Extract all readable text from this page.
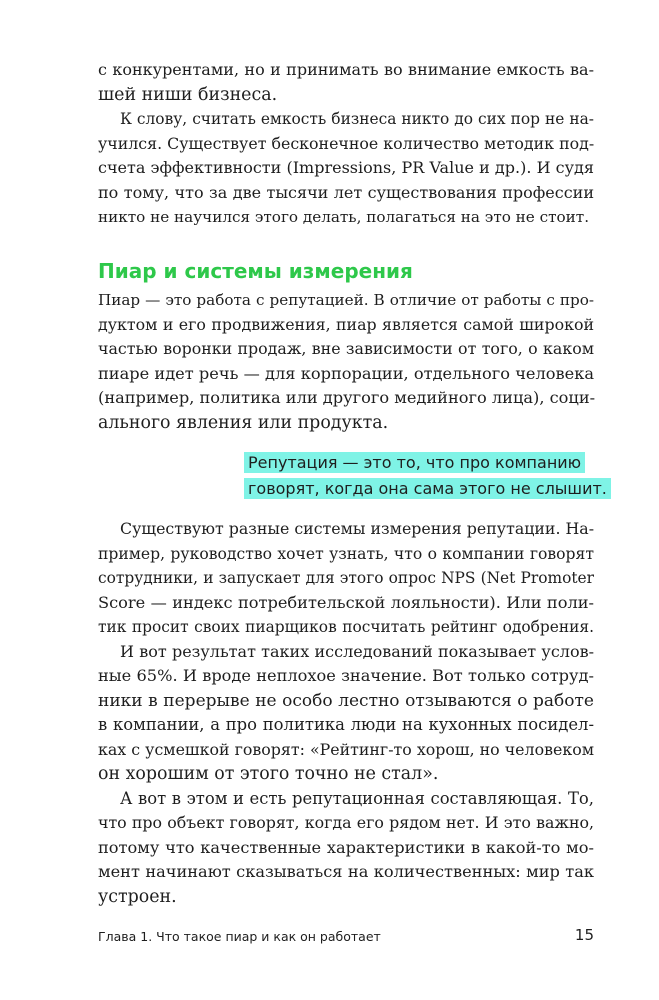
с конкурентами, но и принимать во внимание емкость ва-
шей ниши бизнеса.
К слову, считать емкость бизнеса никто до сих пор не на-
учился. Существует бесконечное количество методик под-
счета эффективности (Impressions, PR Value и др.). И судя
по тому, что за две тысячи лет существования профессии
никто не научился этого делать, полагаться на это не стоит.
Пиар и системы измерения
Пиар — это работа с репутацией. В отличие от работы с про-
дуктом и его продвижения, пиар является самой широкой
частью воронки продаж, вне зависимости от того, о каком
пиаре идет речь — для корпорации, отдельного человека
(например, политика или другого медийного лица), соци-
ального явления или продукта.
Репутация — это то, что про компанию
говорят, когда она сама этого не слышит.
Существуют разные системы измерения репутации. На-
пример, руководство хочет узнать, что о компании говорят
сотрудники, и запускает для этого опрос NPS (Net Promoter
Score — индекс потребительской лояльности). Или поли-
тик просит своих пиарщиков посчитать рейтинг одобрения.
И вот результат таких исследований показывает услов-
ные 65%. И вроде неплохое значение. Вот только сотруд-
ники в перерыве не особо лестно отзываются о работе
в компании, а про политика люди на кухонных посидел-
ках с усмешкой говорят: «Рейтинг-то хорош, но человеком
он хорошим от этого точно не стал».
А вот в этом и есть репутационная составляющая. То,
что про объект говорят, когда его рядом нет. И это важно,
потому что качественные характеристики в какой-то мо-
мент начинают сказываться на количественных: мир так
устроен.
Глава 1. Что такое пиар и как он работает	15
